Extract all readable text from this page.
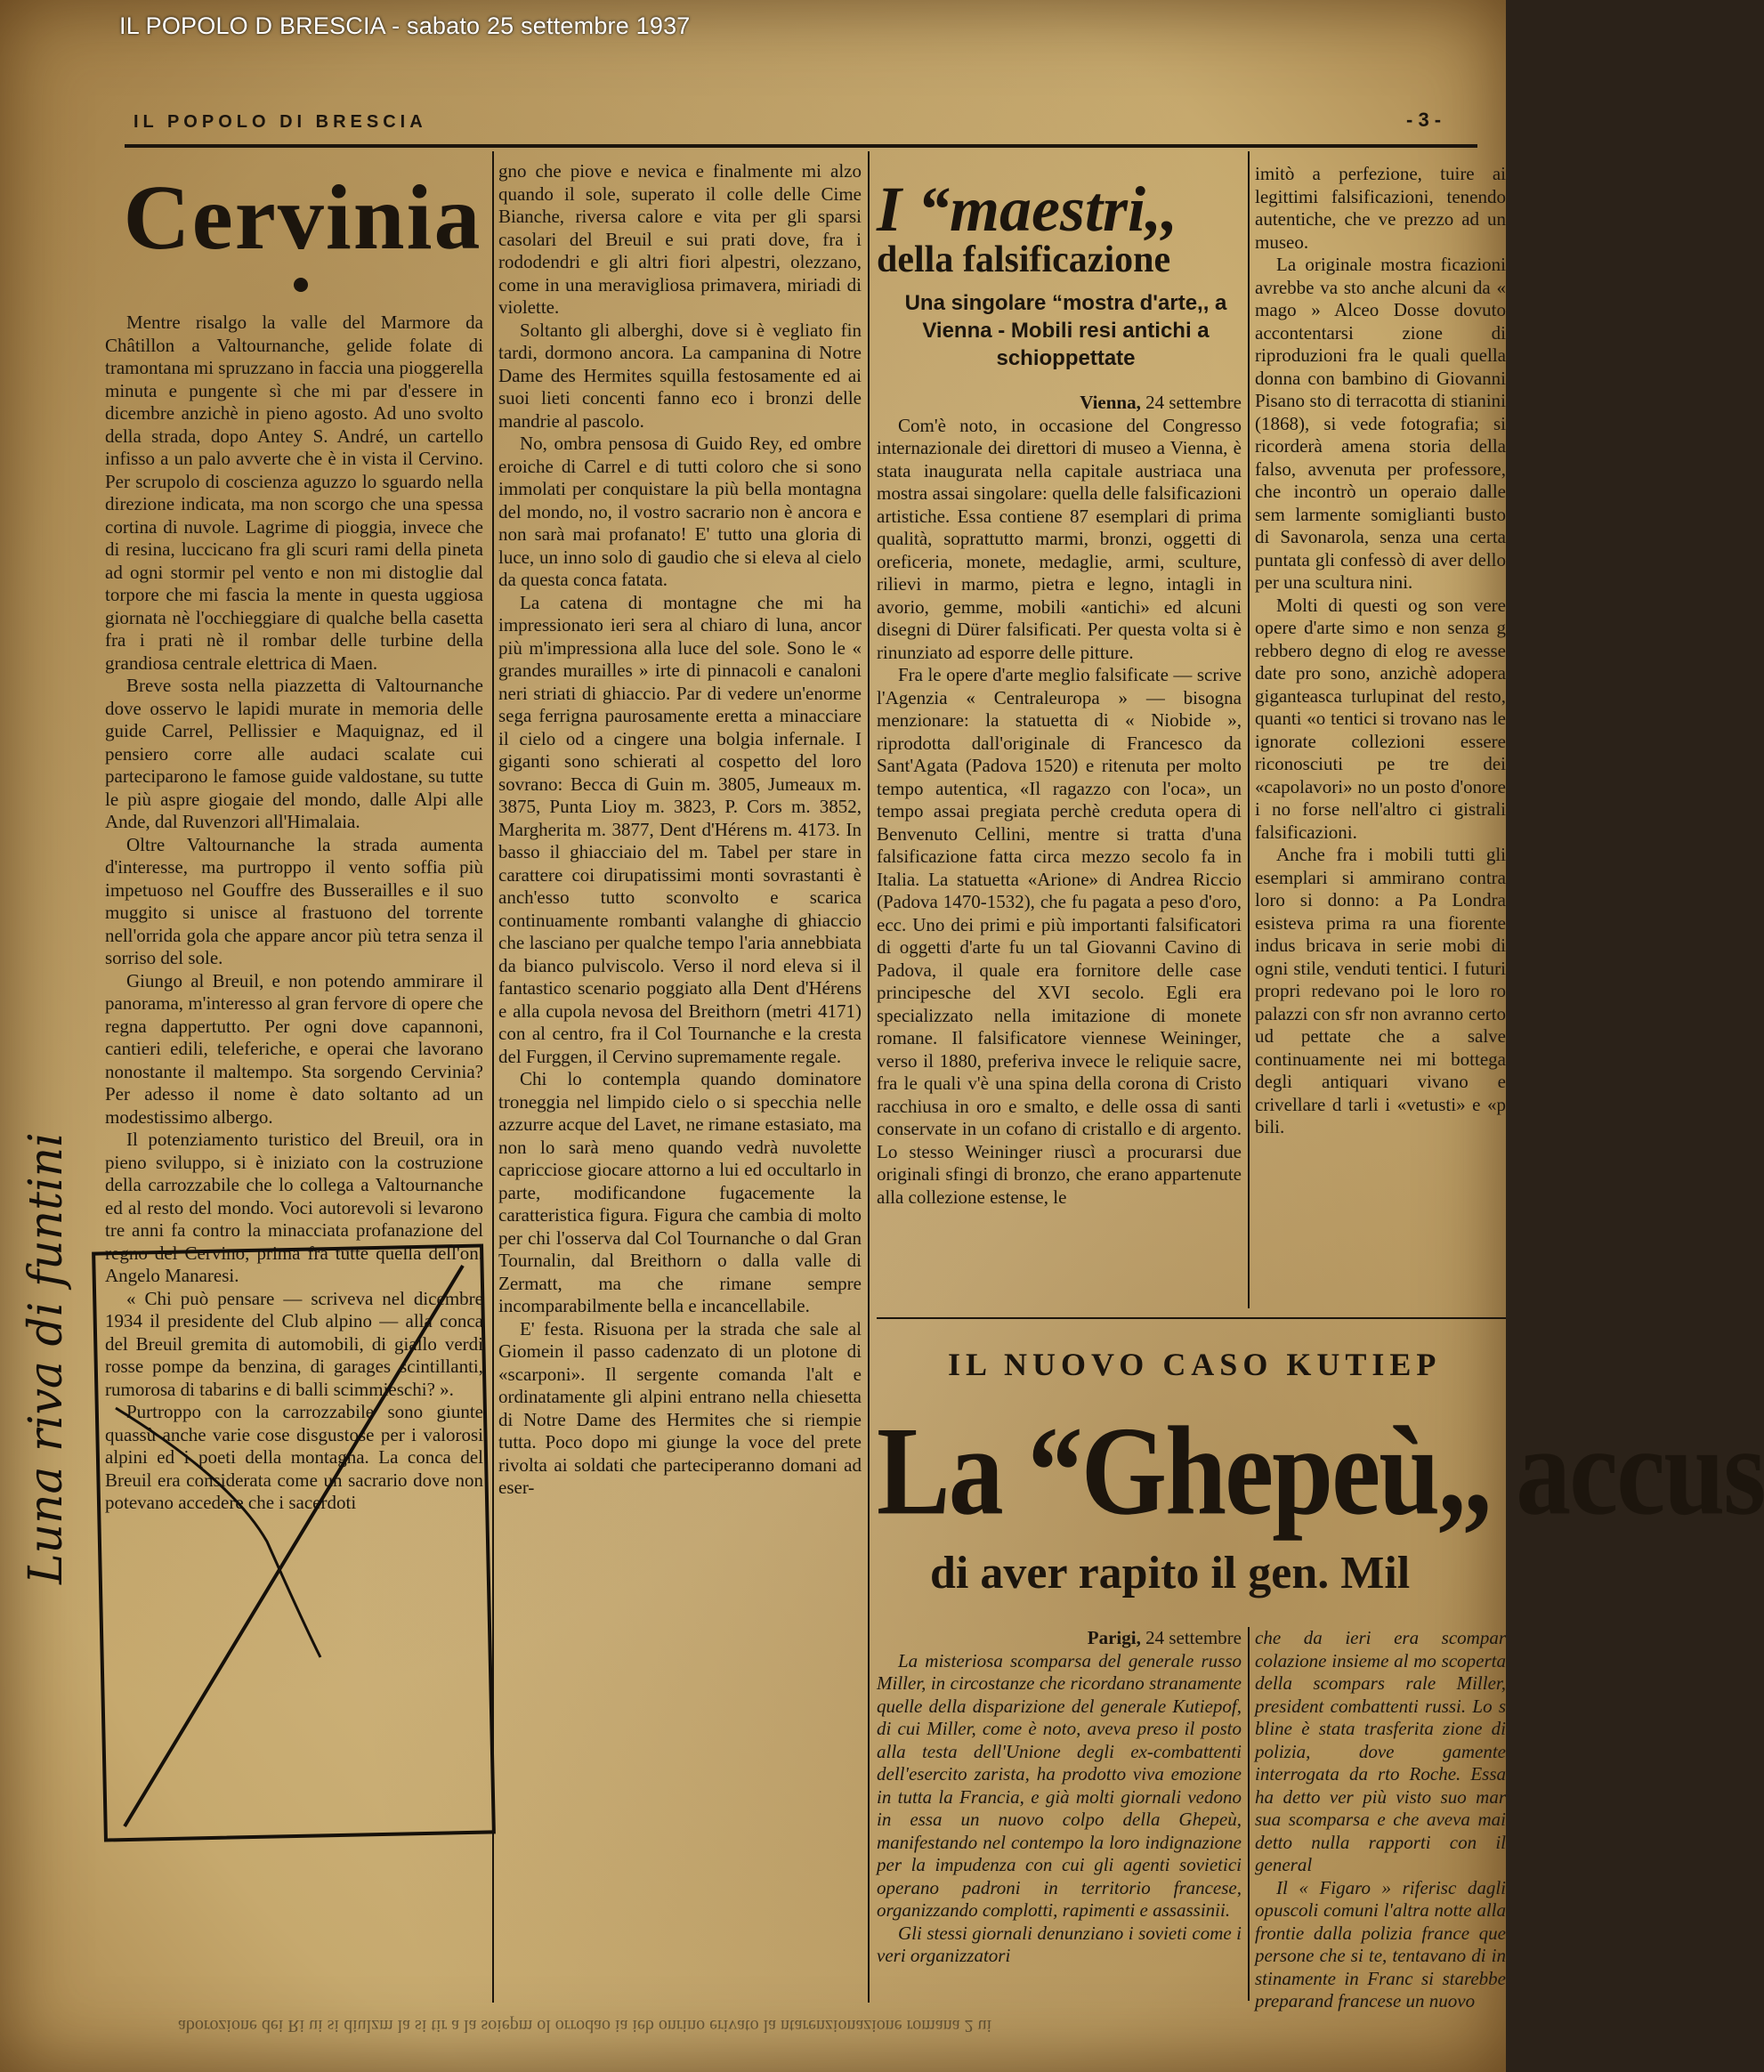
IL POPOLO D BRESCIA - sabato 25 settembre 1937
IL POPOLO DI BRESCIA	- 3 -
Cervinia

Mentre risalgo la valle del Marmore da Châtillon a Valtournanche, gelide folate di tramontana mi spruzzano in faccia una pioggerella minuta e pungente sì che mi par d'essere in dicembre anzichè in pieno agosto. Ad uno svolto della strada, dopo Antey S. André, un cartello infisso a un palo avverte che è in vista il Cervino. Per scrupolo di coscienza aguzzo lo sguardo nella direzione indicata, ma non scorgo che una spessa cortina di nuvole. Lagrime di pioggia, invece che di resina, luccicano fra gli scuri rami della pineta ad ogni stormir pel vento e non mi distoglie dal torpore che mi fascia la mente in questa uggiosa giornata nè l'occhieggiare di qualche bella casetta fra i prati nè il rombar delle turbine della grandiosa centrale elettrica di Maen.

Breve sosta nella piazzetta di Valtournanche dove osservo le lapidi murate in memoria delle guide Carrel, Pellissier e Maquignaz, ed il pensiero corre alle audaci scalate cui parteciparono le famose guide valdostane, su tutte le più aspre giogaie del mondo, dalle Alpi alle Ande, dal Ruvenzori all'Himalaia.

Oltre Valtournanche la strada aumenta d'interesse, ma purtroppo il vento soffia più impetuoso nel Gouffre des Busserailles e il suo muggito si unisce al frastuono del torrente nell'orrida gola che appare ancor più tetra senza il sorriso del sole.

Giungo al Breuil, e non potendo ammirare il panorama, m'interesso al gran fervore di opere che regna dappertutto. Per ogni dove capannoni, cantieri edili, teleferiche, e operai che lavorano nonostante il maltempo. Sta sorgendo Cervinia? Per adesso il nome è dato soltanto ad un modestissimo albergo.

Il potenziamento turistico del Breuil, ora in pieno sviluppo, si è iniziato con la costruzione della carrozzabile che lo collega a Valtournanche ed al resto del mondo. Voci autorevoli si levarono tre anni fa contro la minacciata profanazione del regno del Cervino, prima fra tutte quella dell'on. Angelo Manaresi.

« Chi può pensare — scriveva nel dicembre 1934 il presidente del Club alpino — alla conca del Breuil gremita di automobili, di giallo verdi rosse pompe da benzina, di garages scintillanti, rumorosa di tabarins e di balli scimmieschi? ».

Purtroppo con la carrozzabile sono giunte quassù anche varie cose disgustose per i valorosi alpini ed i poeti della montagna. La conca del Breuil era considerata come un sacrario dove non potevano accedere che i sacerdoti

gno che piove e nevica e finalmente mi alzo quando il sole, superato il colle delle Cime Bianche, riversa calore e vita per gli sparsi casolari del Breuil e sui prati dove, fra i rododendri e gli altri fiori alpestri, olezzano, come in una meravigliosa primavera, miriadi di violette.

Soltanto gli alberghi, dove si è vegliato fin tardi, dormono ancora. La campanina di Notre Dame des Hermites squilla festosamente ed ai suoi lieti concenti fanno eco i bronzi delle mandrie al pascolo.

No, ombra pensosa di Guido Rey, ed ombre eroiche di Carrel e di tutti coloro che si sono immolati per conquistare la più bella montagna del mondo, no, il vostro sacrario non è ancora e non sarà mai profanato! E' tutto una gloria di luce, un inno solo di gaudio che si eleva al cielo da questa conca fatata.

La catena di montagne che mi ha impressionato ieri sera al chiaro di luna, ancor più m'impressiona alla luce del sole. Sono le « grandes murailles » irte di pinnacoli e canaloni neri striati di ghiaccio. Par di vedere un'enorme sega ferrigna paurosamente eretta a minacciare il cielo od a cingere una bolgia infernale. I giganti sono schierati al cospetto del loro sovrano: Becca di Guin m. 3805, Jumeaux m. 3875, Punta Lioy m. 3823, P. Cors m. 3852, Margherita m. 3877, Dent d'Hérens m. 4173. In basso il ghiacciaio del m. Tabel per stare in carattere coi dirupatissimi monti sovrastanti è anch'esso tutto sconvolto e scarica continuamente rombanti valanghe di ghiaccio che lasciano per qualche tempo l'aria annebbiata da bianco pulviscolo. Verso il nord eleva si il fantastico scenario poggiato alla Dent d'Hérens e alla cupola nevosa del Breithorn (metri 4171) con al centro, fra il Col Tournanche e la cresta del Furggen, il Cervino supremamente regale.

Chi lo contempla quando dominatore troneggia nel limpido cielo o si specchia nelle azzurre acque del Lavet, ne rimane estasiato, ma non lo sarà meno quando vedrà nuvolette capricciose giocare attorno a lui ed occultarlo in parte, modificandone fugacemente la caratteristica figura. Figura che cambia di molto per chi l'osserva dal Col Tournanche o dal Gran Tournalin, dal Breithorn o dalla valle di Zermatt, ma che rimane sempre incomparabilmente bella e incancellabile.

E' festa. Risuona per la strada che sale al Giomein il passo cadenzato di un plotone di «scarponi». Il sergente comanda l'alt e ordinatamente gli alpini entrano nella chiesetta di Notre Dame des Hermites che si riempie tutta. Poco dopo mi giunge la voce del prete rivolta ai soldati che parteciperanno domani ad eser-

Luna riva di funtini
I “maestri,,
della falsificazione
Una singolare “mostra d'arte,, a Vienna - Mobili resi antichi a schioppettate
Vienna, 24 settembre

Com'è noto, in occasione del Congresso internazionale dei direttori di museo a Vienna, è stata inaugurata nella capitale austriaca una mostra assai singolare: quella delle falsificazioni artistiche. Essa contiene 87 esemplari di prima qualità, soprattutto marmi, bronzi, oggetti di oreficeria, monete, medaglie, armi, sculture, rilievi in marmo, pietra e legno, intagli in avorio, gemme, mobili «antichi» ed alcuni disegni di Dürer falsificati. Per questa volta si è rinunziato ad esporre delle pitture.

Fra le opere d'arte meglio falsificate — scrive l'Agenzia « Centraleuropa » — bisogna menzionare: la statuetta di « Niobide », riprodotta dall'originale di Francesco da Sant'Agata (Padova 1520) e ritenuta per molto tempo autentica, «Il ragazzo con l'oca», un tempo assai pregiata perchè creduta opera di Benvenuto Cellini, mentre si tratta d'una falsificazione fatta circa mezzo secolo fa in Italia. La statuetta «Arione» di Andrea Riccio (Padova 1470-1532), che fu pagata a peso d'oro, ecc. Uno dei primi e più importanti falsificatori di oggetti d'arte fu un tal Giovanni Cavino di Padova, il quale era fornitore delle case principesche del XVI secolo. Egli era specializzato nella imitazione di monete romane. Il falsificatore viennese Weininger, verso il 1880, preferiva invece le reliquie sacre, fra le quali v'è una spina della corona di Cristo racchiusa in oro e smalto, e delle ossa di santi conservate in un cofano di cristallo e di argento. Lo stesso Weininger riuscì a procurarsi due originali sfingi di bronzo, che erano appartenute alla collezione estense, le

imitò a perfezione, tuire ai legittimi falsificazioni, tenendo autentiche, che ve prezzo ad un museo.

La originale mostra ficazioni avrebbe va sto anche alcuni da « mago » Alceo Dosse dovuto accontentarsi zione di riproduzioni fra le quali quella donna con bambino di Giovanni Pisano sto di terracotta di stianini (1868), si vede fotografia; si ricorderà amena storia della falso, avvenuta per professore, che incontrò un operaio dalle sem larmente somiglianti busto di Savonarola, senza una certa puntata gli confessò di aver dello per una scultura nini.

Molti di questi og son vere opere d'arte simo e non senza g rebbero degno di elog re avesse date pro sono, anzichè adopera giganteasca turlupinat del resto, quanti «o tentici si trovano nas le ignorate collezioni essere riconosciuti pe tre dei «capolavori» no un posto d'onore i no forse nell'altro ci gistrali falsificazioni.

Anche fra i mobili tutti gli esemplari si ammirano contra loro si donno: a Pa Londra esisteva prima ra una fiorente indus bricava in serie mobi di ogni stile, venduti tentici. I futuri propri redevano poi le loro ro palazzi con sfr non avranno certo ud pettate che a salve continuamente nei mi bottega degli antiquari vivano e crivellare d tarli i «vetusti» e «p bili.

IL NUOVO CASO KUTIEP
La “Ghepeù,, accus
di aver rapito il gen. Mil
Parigi, 24 settembre

La misteriosa scomparsa del generale russo Miller, in circostanze che ricordano stranamente quelle della disparizione del generale Kutiepof, di cui Miller, come è noto, aveva preso il posto alla testa dell'Unione degli ex-combattenti dell'esercito zarista, ha prodotto viva emozione in tutta la Francia, e già molti giornali vedono in essa un nuovo colpo della Ghepeù, manifestando nel contempo la loro indignazione per la impudenza con cui gli agenti sovietici operano padroni in territorio francese, organizzando complotti, rapimenti e assassinii.

Gli stessi giornali denunziano i sovieti come i veri organizzatori

che da ieri era scompar colazione insieme al mo scoperta della scompars rale Miller, president combattenti russi. Lo s bline è stata trasferita zione di polizia, dove gamente interrogata da rto Roche. Essa ha detto ver più visto suo mar sua scomparsa e che aveva mai detto nulla rapporti con il general

Il « Figaro » riferisc dagli opuscoli comuni l'altra notte alla frontie dalla polizia france que persone che si te, tentavano di in stinamente in Franc si starebbe preparand francese un nuovo

aborozione dei Ri ui si diulzm la si tir a la soiepm ol orrodao ia ieb onrino erivato la ntarenzionazione romana 2 ui
